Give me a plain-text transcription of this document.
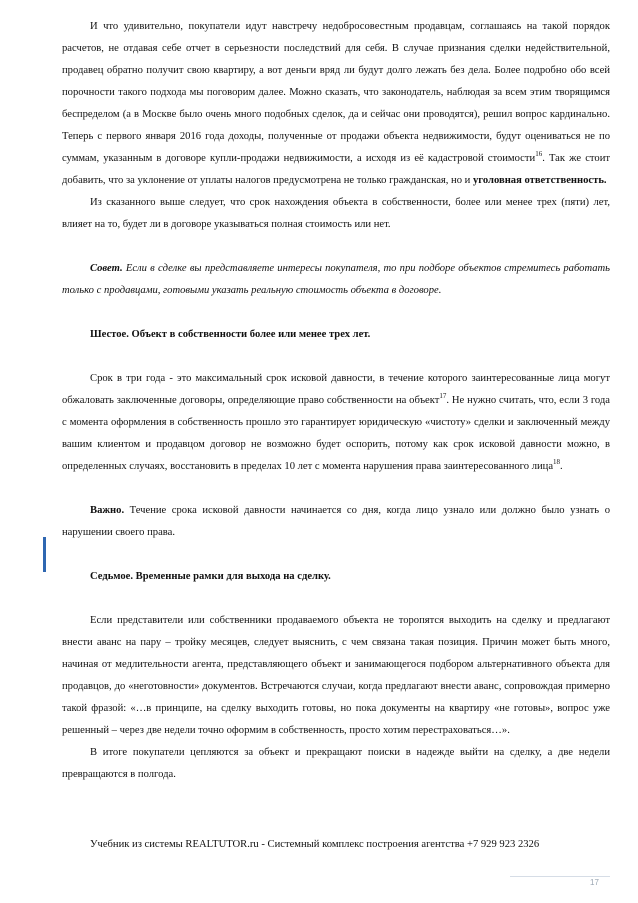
И что удивительно, покупатели идут навстречу недобросовестным продавцам, соглашаясь на такой порядок расчетов, не отдавая себе отчет в серьезности последствий для себя. В случае признания сделки недействительной, продавец обратно получит свою квартиру, а вот деньги вряд ли будут долго лежать без дела. Более подробно обо всей порочности такого подхода мы поговорим далее. Можно сказать, что законодатель, наблюдая за всем этим творящимся беспределом (а в Москве было очень много подобных сделок, да и сейчас они проводятся), решил вопрос кардинально. Теперь с первого января 2016 года доходы, полученные от продажи объекта недвижимости, будут оцениваться не по суммам, указанным в договоре купли-продажи недвижимости, а исходя из её кадастровой стоимости$^{16}$. Так же стоит добавить, что за уклонение от уплаты налогов предусмотрена не только гражданская, но и уголовная ответственность.

Из сказанного выше следует, что срок нахождения объекта в собственности, более или менее трех (пяти) лет, влияет на то, будет ли в договоре указываться полная стоимость или нет.

Совет. Если в сделке вы представляете интересы покупателя, то при подборе объектов стремитесь работать только с продавцами, готовыми указать реальную стоимость объекта в договоре.

Шестое. Объект в собственности более или менее трех лет.

Срок в три года - это максимальный срок исковой давности, в течение которого заинтересованные лица могут обжаловать заключенные договоры, определяющие право собственности на объект$^{17}$. Не нужно считать, что, если 3 года с момента оформления в собственность прошло это гарантирует юридическую «чистоту» сделки и заключенный между вашим клиентом и продавцом договор не возможно будет оспорить, потому как срок исковой давности можно, в определенных случаях, восстановить в пределах 10 лет с момента нарушения права заинтересованного лица$^{18}$.

Важно. Течение срока исковой давности начинается со дня, когда лицо узнало или должно было узнать о нарушении своего права.

Седьмое. Временные рамки для выхода на сделку.

Если представители или собственники продаваемого объекта не торопятся выходить на сделку и предлагают внести аванс на пару – тройку месяцев, следует выяснить, с чем связана такая позиция. Причин может быть много, начиная от медлительности агента, представляющего объект и занимающегося подбором альтернативного объекта для продавцов, до «неготовности» документов. Встречаются случаи, когда предлагают внести аванс, сопровождая примерно такой фразой: «…в принципе, на сделку выходить готовы, но пока документы на квартиру «не готовы», вопрос уже решенный – через две недели точно оформим в собственность, просто хотим перестраховаться…».

В итоге покупатели цепляются за объект и прекращают поиски в надежде выйти на сделку, а две недели превращаются в полгода.

Учебник из системы REALTUTOR.ru - Системный комплекс построения агентства +7 929 923 2326
17
